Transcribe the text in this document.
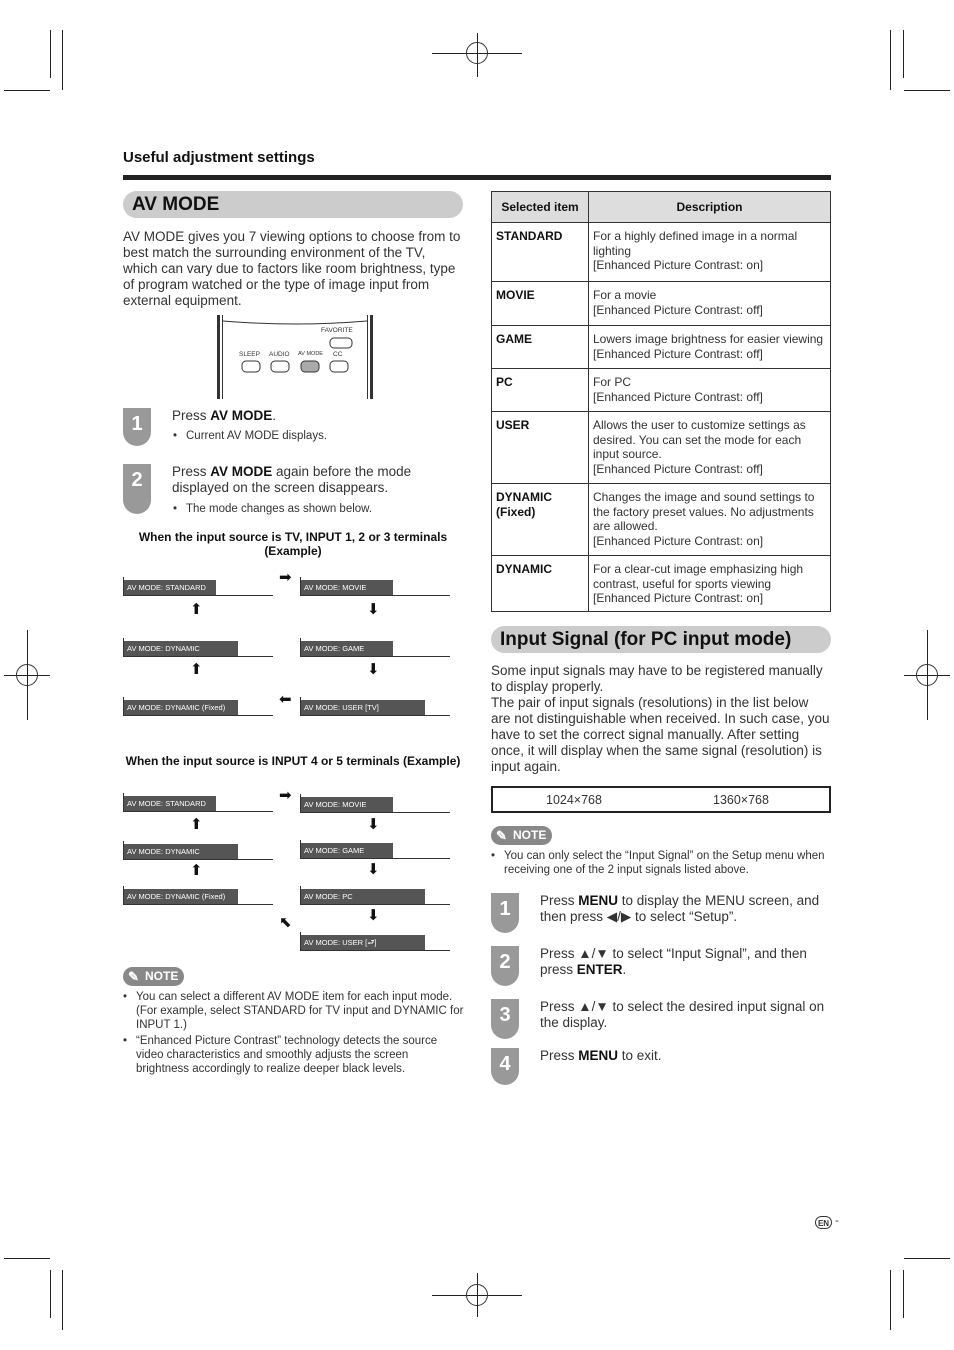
Useful adjustment settings
AV MODE
AV MODE gives you 7 viewing options to choose from to best match the surrounding environment of the TV, which can vary due to factors like room brightness, type of program watched or the type of image input from external equipment.
FAVORITE
SLEEP AUDIO AV MODE CC
1	Press AV MODE.
• Current AV MODE displays.
2	Press AV MODE again before the mode displayed on the screen disappears.
• The mode changes as shown below.
When the input source is TV, INPUT 1, 2 or 3 terminals (Example)
AV MODE: STANDARD
➡
AV MODE: MOVIE
⬆	⬇
AV MODE: DYNAMIC	AV MODE: GAME
⬆	⬇
AV MODE: DYNAMIC (Fixed)	⬅	AV MODE: USER [TV]
When the input source is INPUT 4 or 5 terminals (Example)
AV MODE: STANDARD	➡
AV MODE: MOVIE
⬆	⬇
AV MODE: DYNAMIC	AV MODE: GAME
⬆	⬇
AV MODE: DYNAMIC (Fixed)	AV MODE: PC
⬉	⬇
AV MODE: USER [⮐]
✎ NOTE
• You can select a different AV MODE item for each input mode. (For example, select STANDARD for TV input and DYNAMIC for INPUT 1.)
• “Enhanced Picture Contrast” technology detects the source video characteristics and smoothly adjusts the screen brightness accordingly to realize deeper black levels.
Selected item	Description
STANDARD	For a highly defined image in a normal lighting
[Enhanced Picture Contrast: on]

MOVIE	For a movie
[Enhanced Picture Contrast: off]

GAME	Lowers image brightness for easier viewing
[Enhanced Picture Contrast: off]

PC	For PC
[Enhanced Picture Contrast: off]

USER	Allows the user to customize settings as desired. You can set the mode for each input source.
[Enhanced Picture Contrast: off]

DYNAMIC (Fixed)	Changes the image and sound settings to the factory preset values. No adjustments are allowed.
[Enhanced Picture Contrast: on]

DYNAMIC	For a clear-cut image emphasizing high contrast, useful for sports viewing
[Enhanced Picture Contrast: on]
Input Signal (for PC input mode)
Some input signals may have to be registered manually to display properly.
The pair of input signals (resolutions) in the list below are not distinguishable when received. In such case, you have to set the correct signal manually. After setting once, it will display when the same signal (resolution) is input again.
1024×768	1360×768
✎ NOTE
• You can only select the “Input Signal” on the Setup menu when receiving one of the 2 input signals listed above.
1	Press MENU to display the MENU screen, and then press ◀/▶ to select “Setup”.
2	Press ▲/▼ to select “Input Signal”, and then press ENTER.
3	Press ▲/▼ to select the desired input signal on the display.
4	Press MENU to exit.
EN -
